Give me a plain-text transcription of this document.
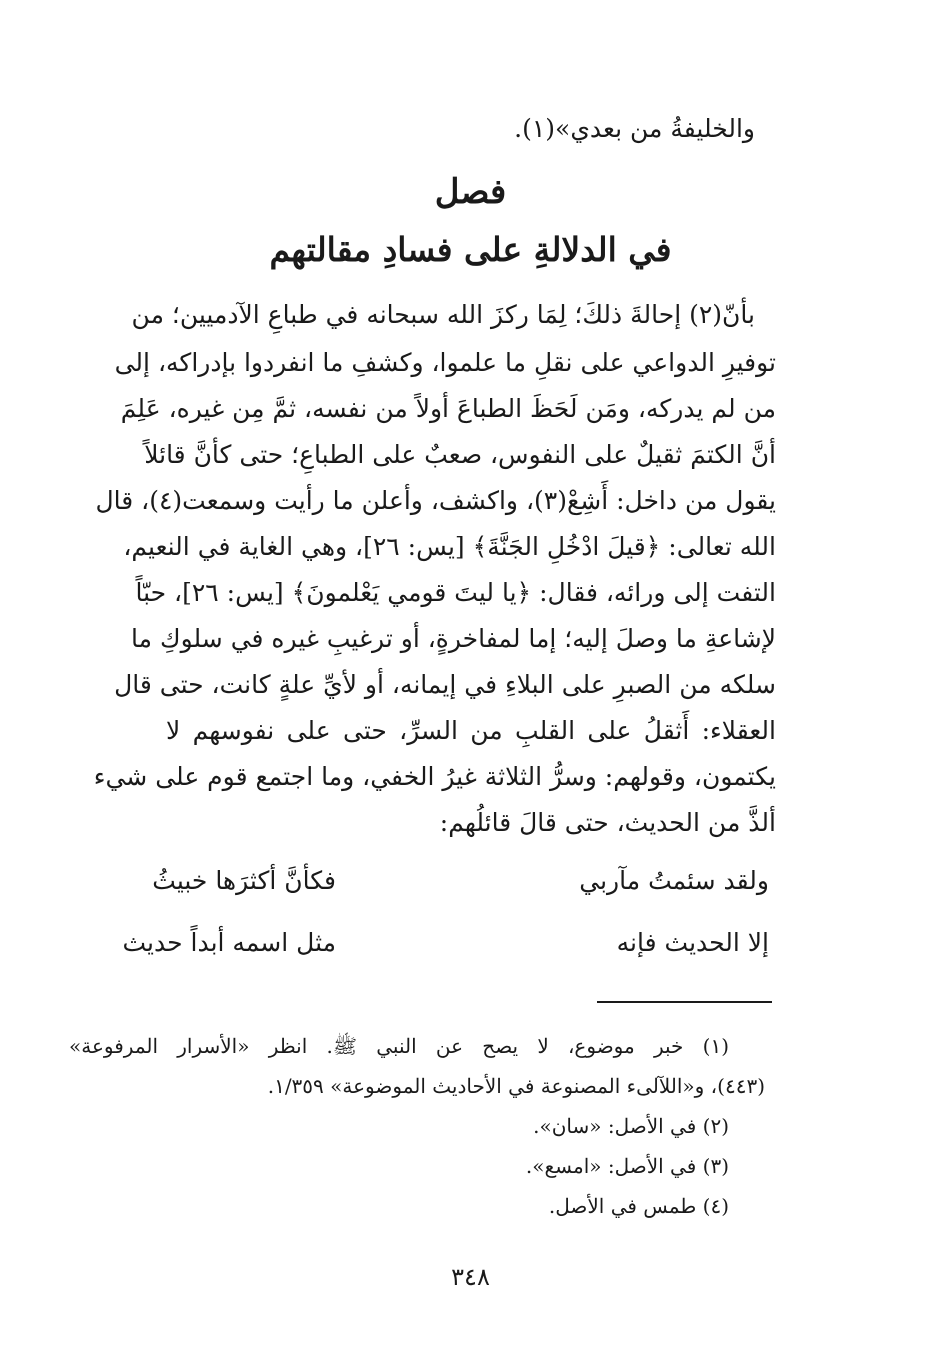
والخليفةُ من بعدي»(١).
فصل
في الدلالةِ على فسادِ مقالتهم
بأنّ(٢) إحالةَ ذلكَ؛ لِمَا ركزَ الله سبحانه في طباعِ الآدميين؛ من
توفيرِ الدواعي على نقلِ ما علموا، وكشفِ ما انفردوا بإدراكه، إلى
من لم يدركه، ومَن لَحَظَ الطباعَ أولاً من نفسه، ثمَّ مِن غيره، عَلِمَ
أنَّ الكتمَ ثقيلٌ على النفوس، صعبٌ على الطباعِ؛ حتى كأنَّ قائلاً
يقول من داخل: أَشِعْ(٣)، واكشف، وأعلن ما رأيت وسمعت(٤)، قال
الله تعالى: ﴿قيلَ ادْخُلِ الجَنَّةَ﴾ [يس: ٢٦]، وهي الغاية في النعيم،
التفت إلى ورائه، فقال: ﴿يا ليتَ قومي يَعْلمونَ﴾ [يس: ٢٦]، حبّاً
لإشاعةِ ما وصلَ إليه؛ إما لمفاخرةٍ، أو ترغيبِ غيره في سلوكِ ما
سلكه من الصبرِ على البلاءِ في إيمانه، أو لأيِّ علةٍ كانت، حتى قال
العقلاء: أَثقلُ على القلبِ من السرِّ، حتى على نفوسهم لا
يكتمون، وقولهم: وسرُّ الثلاثة غيرُ الخفي، وما اجتمع قوم على شيء
ألذَّ من الحديث، حتى قالَ قائلُهم:
ولقد سئمتُ مآربي
فكأنَّ أكثرَها خبيثُ
إلا الحديث فإنه
مثل اسمه أبداً حديث
(١) خبر موضوع، لا يصح عن النبي ﷺ. انظر «الأسرار المرفوعة»
(٤٤٣)، و«اللآلىء المصنوعة في الأحاديث الموضوعة» ١/٣٥٩.
(٢) في الأصل: «سان».
(٣) في الأصل: «امسع».
(٤) طمس في الأصل.
٣٤٨
